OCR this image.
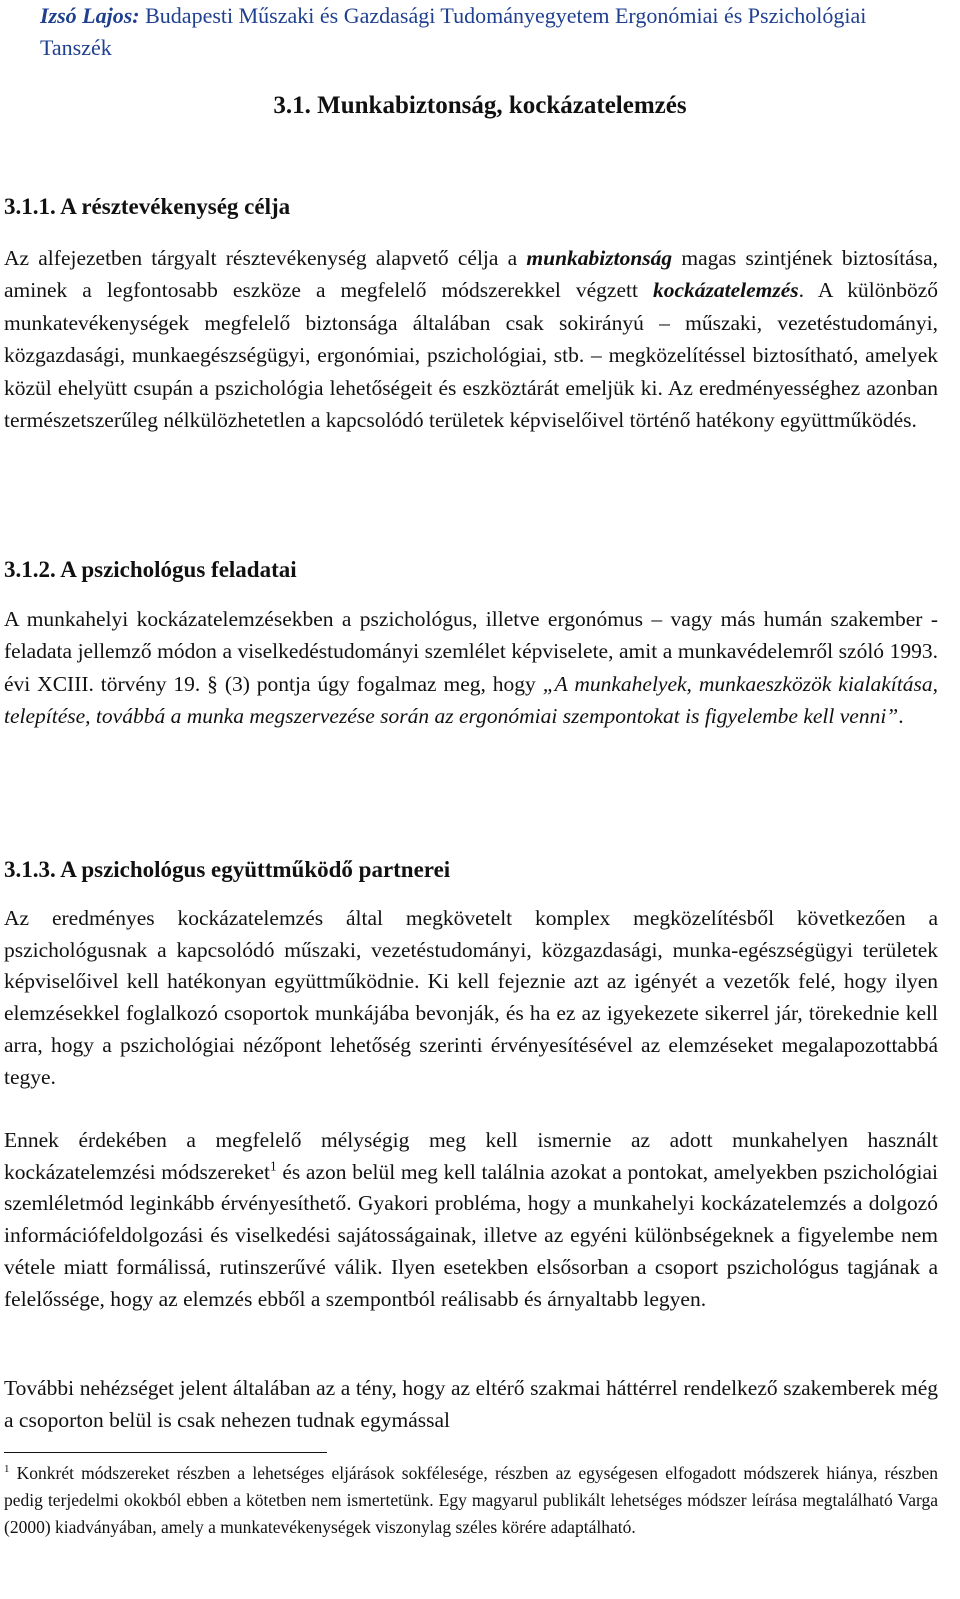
Izsó Lajos: Budapesti Műszaki és Gazdasági Tudományegyetem Ergonómiai és Pszichológiai Tanszék
3.1. Munkabiztonság, kockázatelemzés
3.1.1. A résztevékenység célja

Az alfejezetben tárgyalt résztevékenység alapvető célja a munkabiztonság magas szintjének biztosítása, aminek a legfontosabb eszköze a megfelelő módszerekkel végzett kockázatelemzés. A különböző munkatevékenységek megfelelő biztonsága általában csak sokirányú – műszaki, vezetéstudományi, közgazdasági, munkaegészségügyi, ergonómiai, pszichológiai, stb. – megközelítéssel biztosítható, amelyek közül ehelyütt csupán a pszichológia lehetőségeit és eszköztárát emeljük ki. Az eredményességhez azonban természetszerűleg nélkülözhetetlen a kapcsolódó területek képviselőivel történő hatékony együttműködés.

3.1.2. A pszichológus feladatai

A munkahelyi kockázatelemzésekben a pszichológus, illetve ergonómus – vagy más humán szakember - feladata jellemző módon a viselkedéstudományi szemlélet képviselete, amit a munkavédelemről szóló 1993. évi XCIII. törvény 19. § (3) pontja úgy fogalmaz meg, hogy „A munkahelyek, munkaeszközök kialakítása, telepítése, továbbá a munka megszervezése során az ergonómiai szempontokat is figyelembe kell venni”.

3.1.3. A pszichológus együttműködő partnerei

Az eredményes kockázatelemzés által megkövetelt komplex megközelítésből következően a pszichológusnak a kapcsolódó műszaki, vezetéstudományi, közgazdasági, munka-egészségügyi területek képviselőivel kell hatékonyan együttműködnie. Ki kell fejeznie azt az igényét a vezetők felé, hogy ilyen elemzésekkel foglalkozó csoportok munkájába bevonják, és ha ez az igyekezete sikerrel jár, törekednie kell arra, hogy a pszichológiai nézőpont lehetőség szerinti érvényesítésével az elemzéseket megalapozottabbá tegye.

Ennek érdekében a megfelelő mélységig meg kell ismernie az adott munkahelyen használt kockázatelemzési módszereket$^1$ és azon belül meg kell találnia azokat a pontokat, amelyekben pszichológiai szemléletmód leginkább érvényesíthető. Gyakori probléma, hogy a munkahelyi kockázatelemzés a dolgozó információfeldolgozási és viselkedési sajátosságainak, illetve az egyéni különbségeknek a figyelembe nem vétele miatt formálissá, rutinszerűvé válik. Ilyen esetekben elsősorban a csoport pszichológus tagjának a felelőssége, hogy az elemzés ebből a szempontból reálisabb és árnyaltabb legyen.

További nehézséget jelent általában az a tény, hogy az eltérő szakmai háttérrel rendelkező szakemberek még a csoporton belül is csak nehezen tudnak egymással

$^1$ Konkrét módszereket részben a lehetséges eljárások sokfélesége, részben az egységesen elfogadott módszerek hiánya, részben pedig terjedelmi okokból ebben a kötetben nem ismertetünk. Egy magyarul publikált lehetséges módszer leírása megtalálható Varga (2000) kiadványában, amely a munkatevékenységek viszonylag széles körére adaptálható.
